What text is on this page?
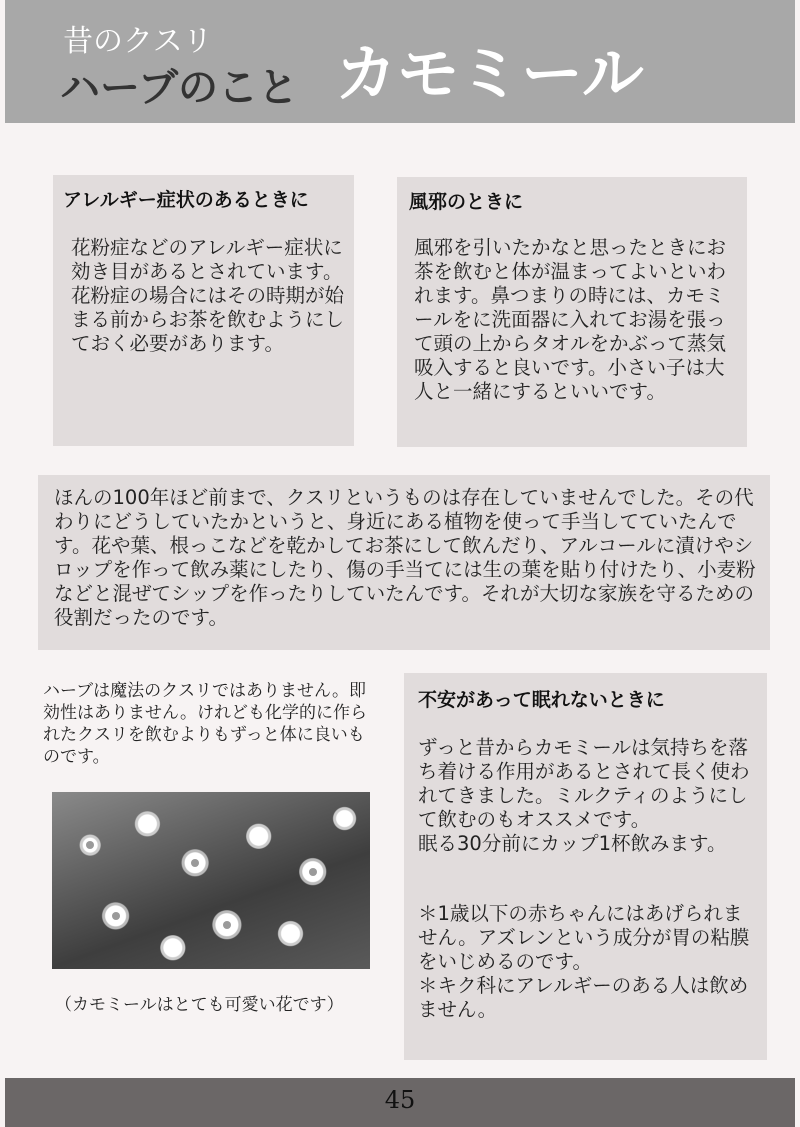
昔のクスリ
ハーブのこと カモミール
アレルギー症状のあるときに

花粉症などのアレルギー症状に効き目があるとされています。花粉症の場合にはその時期が始まる前からお茶を飲むようにしておく必要があります。

風邪のときに

風邪を引いたかなと思ったときにお茶を飲むと体が温まってよいといわれます。鼻つまりの時には、カモミールをに洗面器に入れてお湯を張って頭の上からタオルをかぶって蒸気吸入すると良いです。小さい子は大人と一緒にするといいです。

ほんの100年ほど前まで、クスリというものは存在していませんでした。その代わりにどうしていたかというと、身近にある植物を使って手当してていたんです。花や葉、根っこなどを乾かしてお茶にして飲んだり、アルコールに漬けやシロップを作って飲み薬にしたり、傷の手当てには生の葉を貼り付けたり、小麦粉などと混ぜてシップを作ったりしていたんです。それが大切な家族を守るための役割だったのです。

ハーブは魔法のクスリではありません。即効性はありません。けれども化学的に作られたクスリを飲むよりもずっと体に良いものです。

（カモミールはとても可愛い花です）
不安があって眠れないときに

ずっと昔からカモミールは気持ちを落ち着ける作用があるとされて長く使われてきました。ミルクティのようにして飲むのもオススメです。

眠る30分前にカップ1杯飲みます。

＊1歳以下の赤ちゃんにはあげられません。アズレンという成分が胃の粘膜をいじめるのです。

＊キク科にアレルギーのある人は飲めません。

45
